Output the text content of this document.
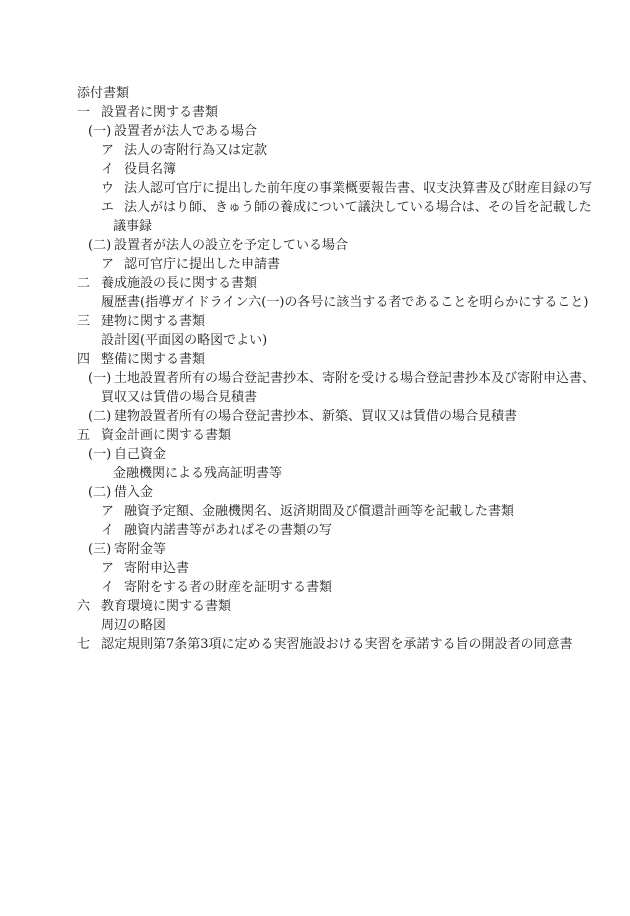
添付書類
一 設置者に関する書類
(一) 設置者が法人である場合
ア 法人の寄附行為又は定款
イ 役員名簿
ウ 法人認可官庁に提出した前年度の事業概要報告書、収支決算書及び財産目録の写
エ 法人がはり師、きゅう師の養成について議決している場合は、その旨を記載した
議事録
(二) 設置者が法人の設立を予定している場合
ア 認可官庁に提出した申請書
二 養成施設の長に関する書類
履歴書(指導ガイドライン六(一)の各号に該当する者であることを明らかにすること)
三 建物に関する書類
設計図(平面図の略図でよい)
四 整備に関する書類
(一) 土地設置者所有の場合登記書抄本、寄附を受ける場合登記書抄本及び寄附申込書、
買収又は賃借の場合見積書
(二) 建物設置者所有の場合登記書抄本、新築、買収又は賃借の場合見積書
五 資金計画に関する書類
(一) 自己資金
金融機関による残高証明書等
(二) 借入金
ア 融資予定額、金融機関名、返済期間及び償還計画等を記載した書類
イ 融資内諾書等があればその書類の写
(三) 寄附金等
ア 寄附申込書
イ 寄附をする者の財産を証明する書類
六 教育環境に関する書類
周辺の略図
七 認定規則第7条第3項に定める実習施設おける実習を承諾する旨の開設者の同意書
